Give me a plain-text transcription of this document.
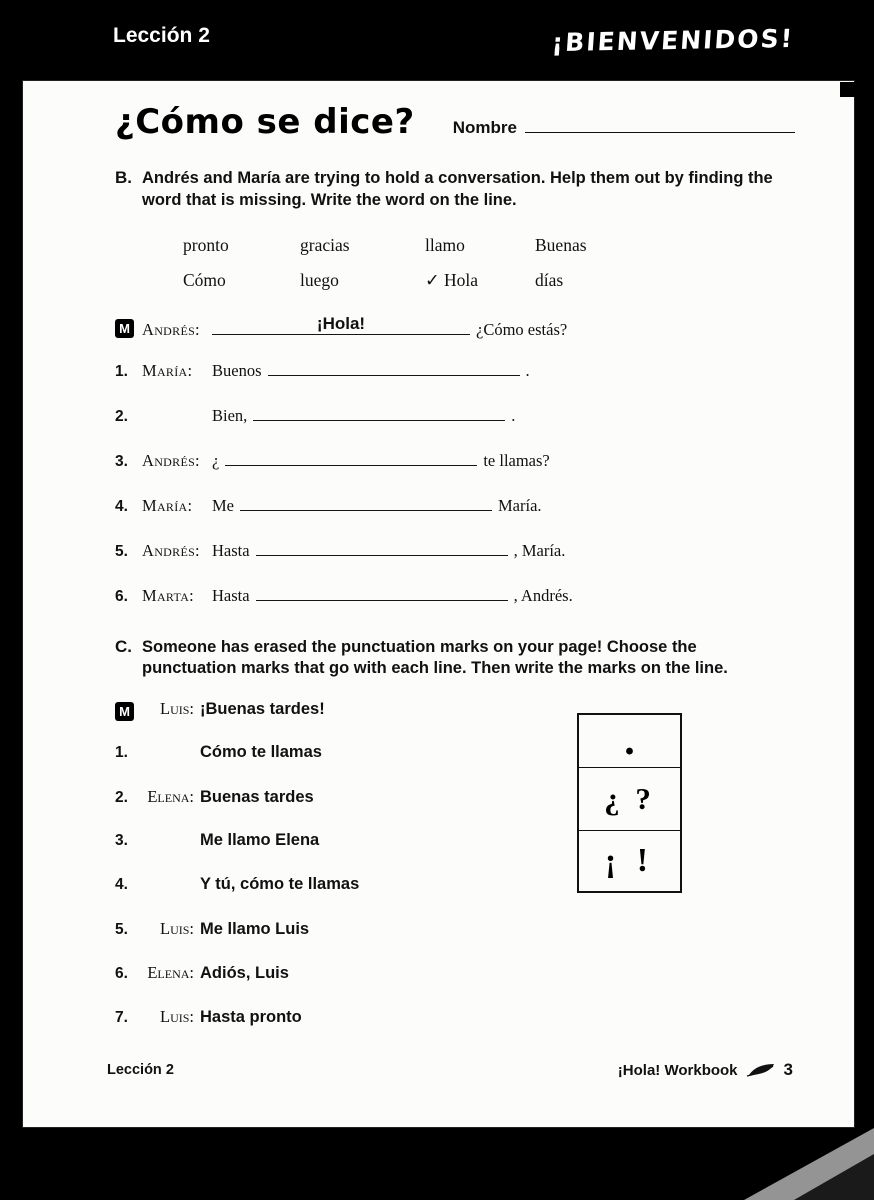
Lección 2	¡BIENVENIDOS!
¿Cómo se dice? Nombre
B. Andrés and María are trying to hold a conversation. Help them out by finding the word that is missing. Write the word on the line.

pronto	gracias	llamo	Buenas
Cómo	luego	✓ Hola	días
M Andrés:	¡Hola!	¿Cómo estás?
1. María:	Buenos	.
2.	Bien,	.
3. Andrés: ¿	te llamas?
4. María:	Me	María.
5. Andrés: Hasta	, María.
6. Marta:	Hasta	, Andrés.
C. Someone has erased the punctuation marks on your page! Choose the punctuation marks that go with each line. Then write the marks on the line.

M	Luis: ¡Buenas tardes!
1.	Cómo te llamas
2.	Elena: Buenas tardes
3.	Me llamo Elena
4.	Y tú, cómo te llamas
5.	Luis: Me llamo Luis
6.	Elena: Adiós, Luis
7.	Luis: Hasta pronto
.
¿ ?
¡ !
Lección 2	¡Hola! Workbook	3
